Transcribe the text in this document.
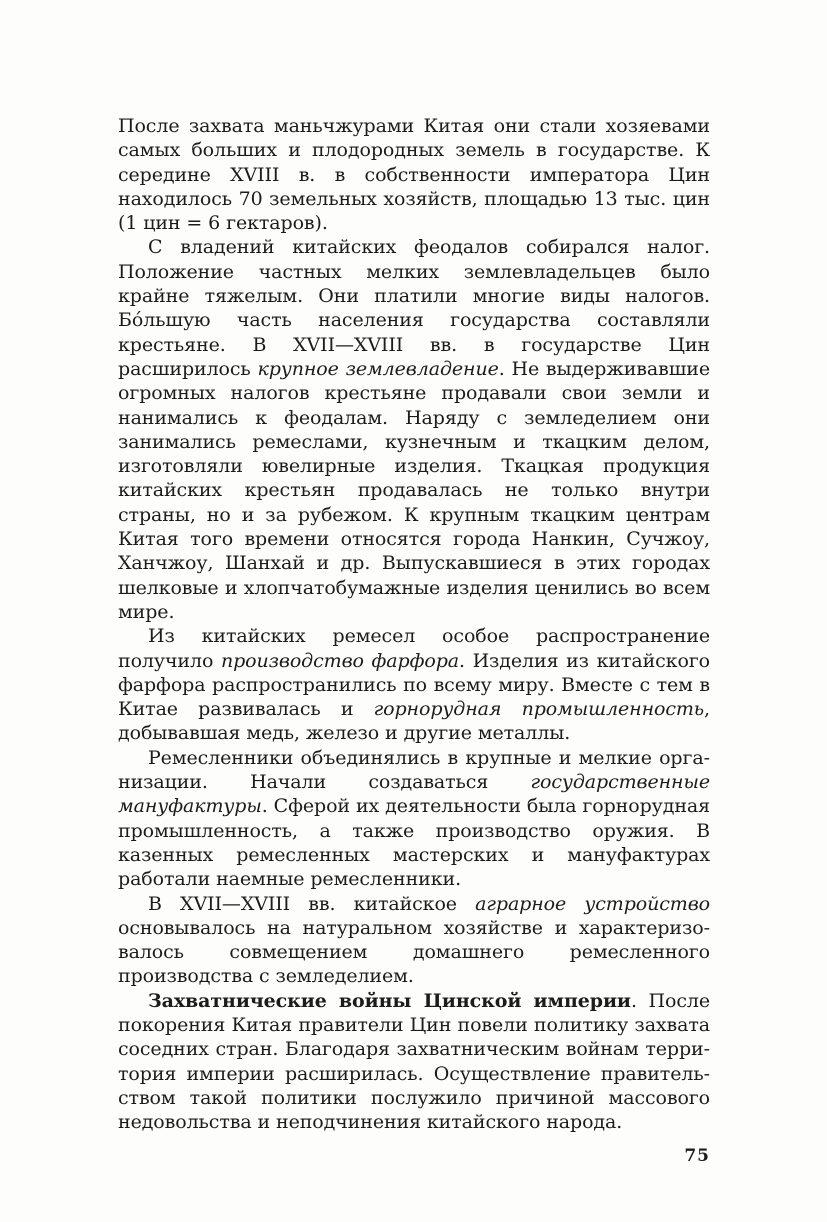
После захвата маньчжурами Китая они стали хозяевами самых больших и плодородных земель в государстве. К середине XVIII в. в собственности императора Цин находилось 70 земельных хозяйств, площадью 13 тыс. цин (1 цин = 6 гектаров).

С владений китайских феодалов собирался налог. Положение частных мелких землевладельцев было крайне тяжелым. Они платили многие виды налогов. Бóльшую часть населения государства составляли крестьяне. В XVII—XVIII вв. в государстве Цин расширилось крупное землевладение. Не выдерживавшие огромных налогов крестьяне продавали свои земли и нанимались к феодалам. Наряду с земледелием они занимались ремеслами, кузнечным и ткацким делом, изготовляли ювелирные изделия. Ткацкая продукция китайских крестьян продавалась не только внутри страны, но и за рубежом. К крупным ткацким центрам Китая того времени относятся города Нанкин, Сучжоу, Ханчжоу, Шанхай и др. Выпускавшиеся в этих городах шелковые и хлопчатобумажные изделия ценились во всем мире.

Из китайских ремесел особое распространение получило производство фарфора. Изделия из китайского фарфора распространились по всему миру. Вместе с тем в Китае развивалась и горнорудная промышленность, добывавшая медь, железо и другие металлы.

Ремесленники объединялись в крупные и мелкие организации. Начали создаваться государственные мануфактуры. Сферой их деятельности была горнорудная промышленность, а также производство оружия. В казенных ремесленных мастерских и мануфактурах работали наемные ремесленники.

В XVII—XVIII вв. китайское аграрное устройство основывалось на натуральном хозяйстве и характеризовалось совмещением домашнего ремесленного производства с земледелием.

Захватнические войны Цинской империи. После покорения Китая правители Цин повели политику захвата соседних стран. Благодаря захватническим войнам территория империи расширилась. Осуществление правительством такой политики послужило причиной массового недовольства и неподчинения китайского народа.

75
